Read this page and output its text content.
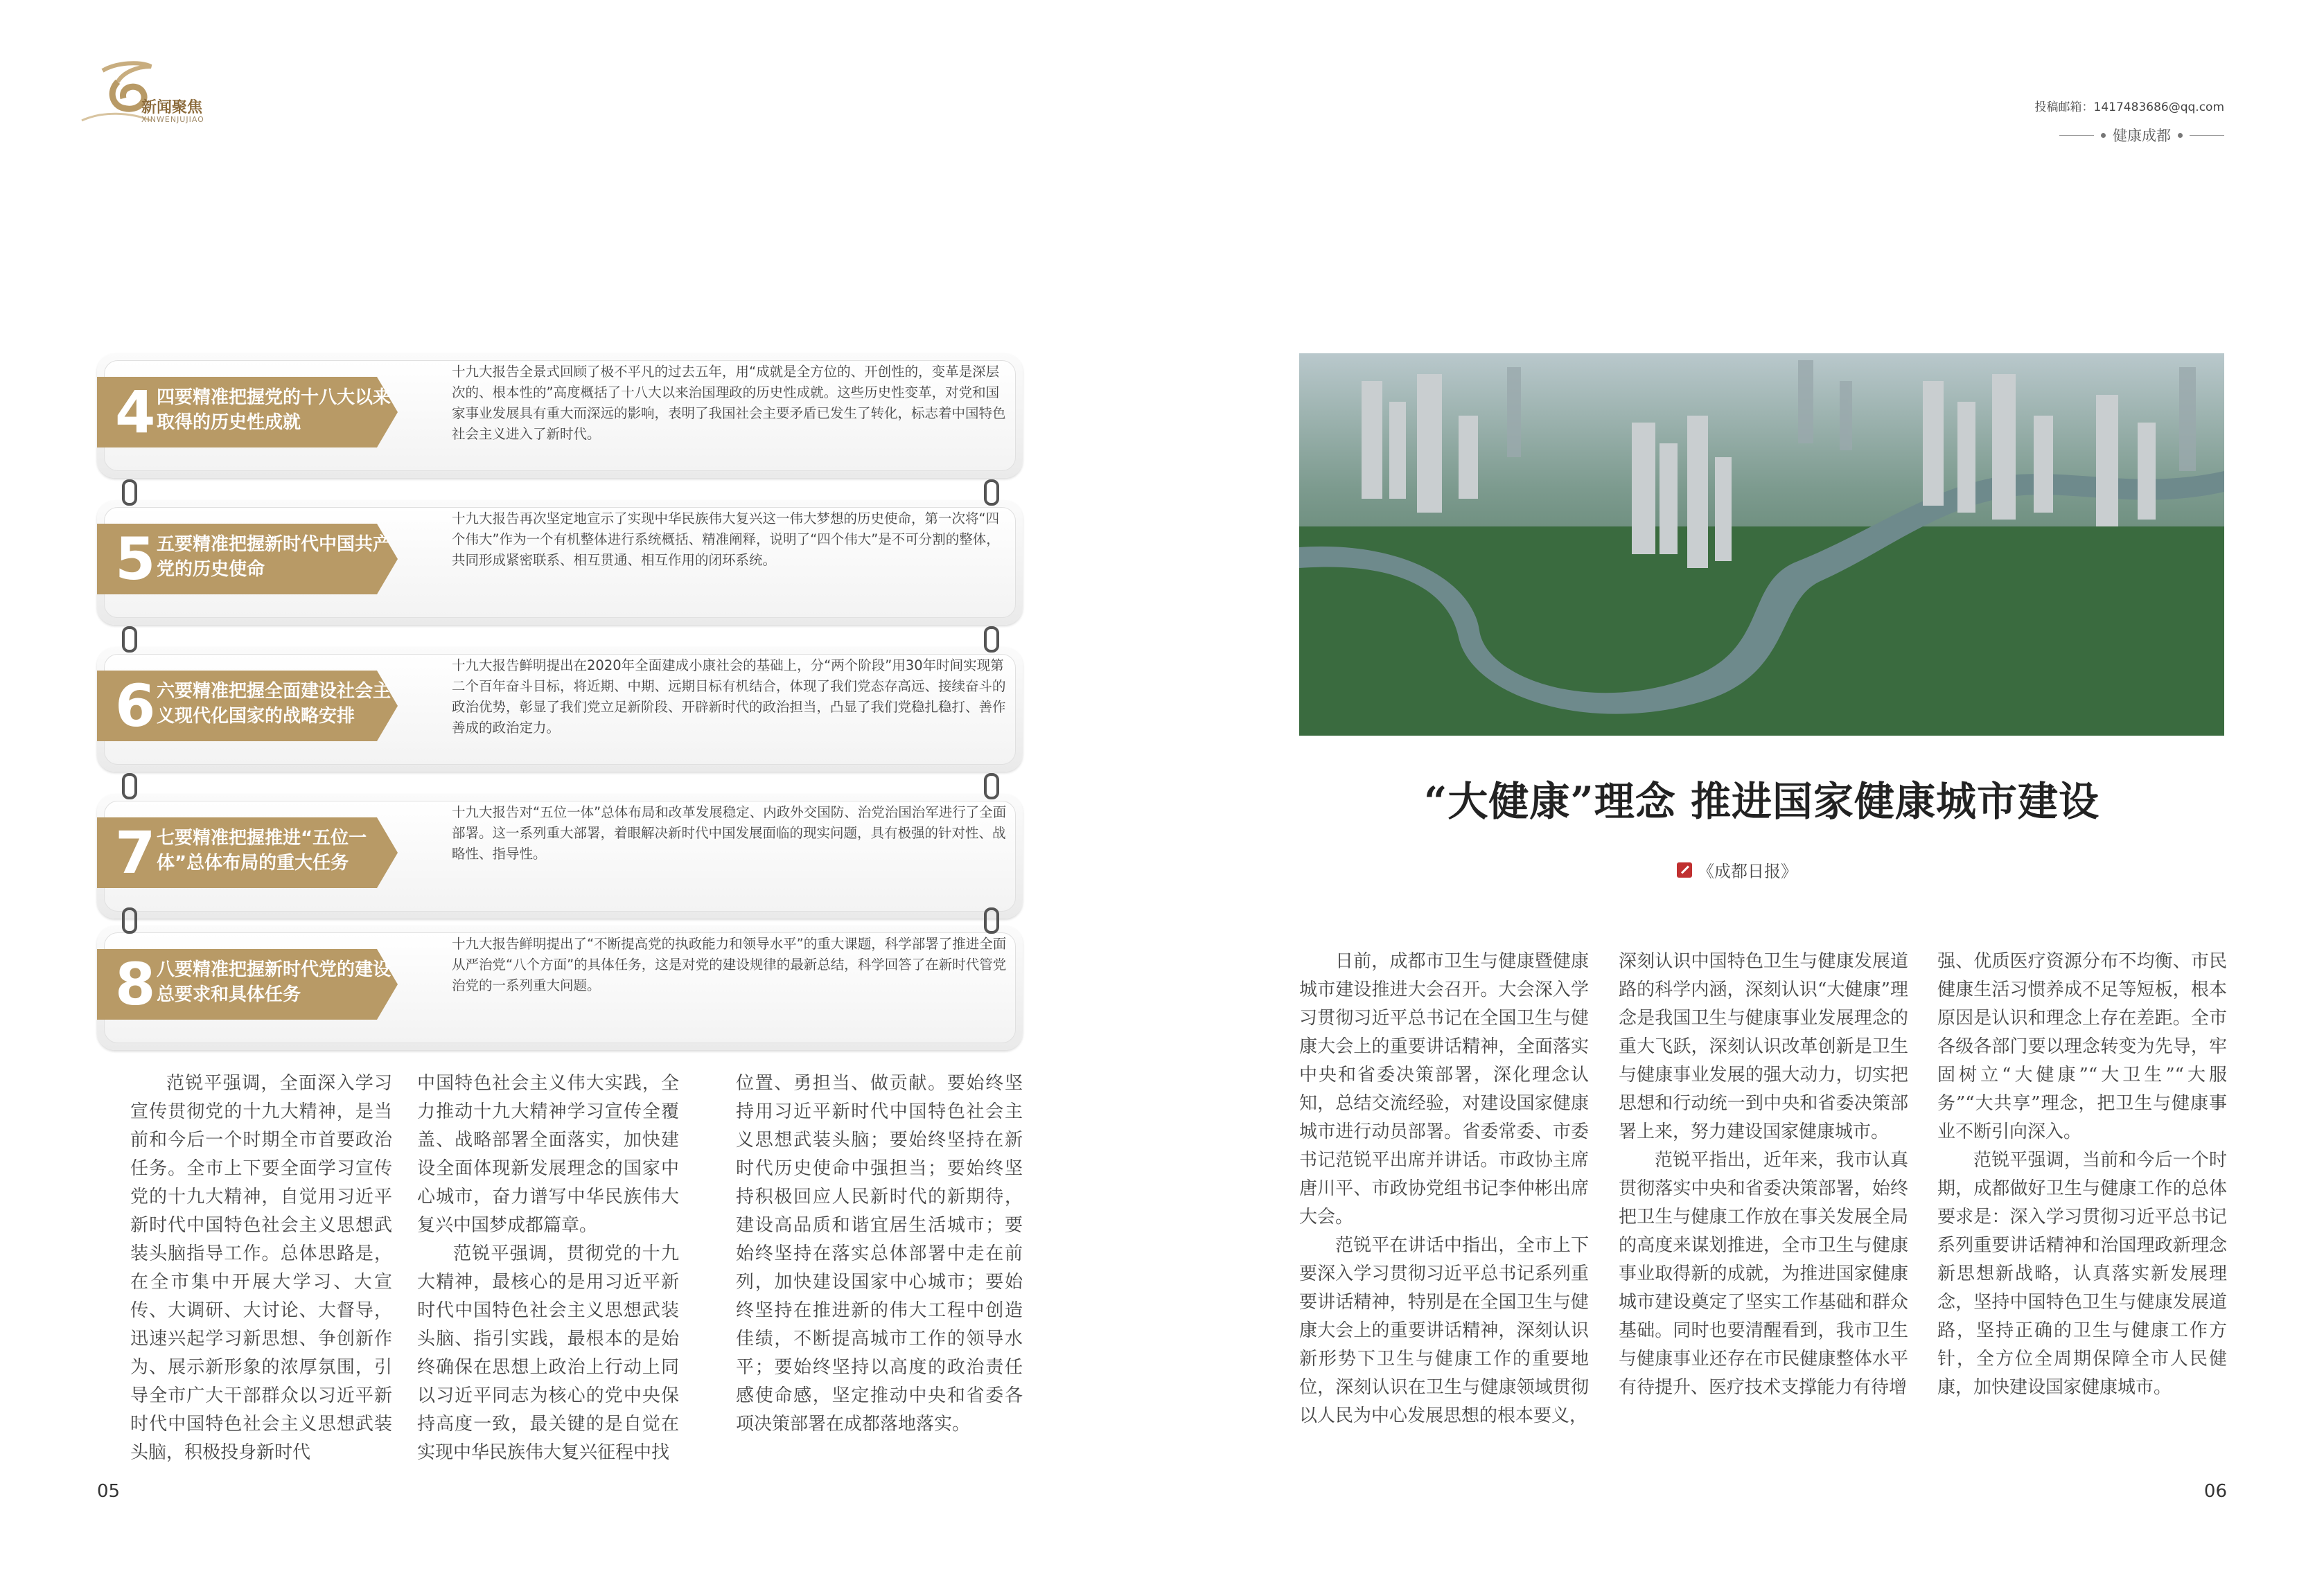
新闻聚焦
XINWENJUJIAO
投稿邮箱：1417483686@qq.com
健康成都
4 四要精准把握党的十八大以来取得的历史性成就
十九大报告全景式回顾了极不平凡的过去五年，用“成就是全方位的、开创性的，变革是深层次的、根本性的”高度概括了十八大以来治国理政的历史性成就。这些历史性变革，对党和国家事业发展具有重大而深远的影响，表明了我国社会主要矛盾已发生了转化，标志着中国特色社会主义进入了新时代。
5 五要精准把握新时代中国共产党的历史使命
十九大报告再次坚定地宣示了实现中华民族伟大复兴这一伟大梦想的历史使命，第一次将“四个伟大”作为一个有机整体进行系统概括、精准阐释，说明了“四个伟大”是不可分割的整体，共同形成紧密联系、相互贯通、相互作用的闭环系统。
6 六要精准把握全面建设社会主义现代化国家的战略安排
十九大报告鲜明提出在2020年全面建成小康社会的基础上，分“两个阶段”用30年时间实现第二个百年奋斗目标，将近期、中期、远期目标有机结合，体现了我们党态存高远、接续奋斗的政治优势，彰显了我们党立足新阶段、开辟新时代的政治担当，凸显了我们党稳扎稳打、善作善成的政治定力。
7 七要精准把握推进“五位一体”总体布局的重大任务
十九大报告对“五位一体”总体布局和改革发展稳定、内政外交国防、治党治国治军进行了全面部署。这一系列重大部署，着眼解决新时代中国发展面临的现实问题，具有极强的针对性、战略性、指导性。
8 八要精准把握新时代党的建设总要求和具体任务
十九大报告鲜明提出了“不断提高党的执政能力和领导水平”的重大课题，科学部署了推进全面从严治党“八个方面”的具体任务，这是对党的建设规律的最新总结，科学回答了在新时代管党治党的一系列重大问题。

范锐平强调，全面深入学习宣传贯彻党的十九大精神，是当前和今后一个时期全市首要政治任务。全市上下要全面学习宣传党的十九大精神，自觉用习近平新时代中国特色社会主义思想武装头脑指导工作。总体思路是，在全市集中开展大学习、大宣传、大调研、大讨论、大督导，迅速兴起学习新思想、争创新作为、展示新形象的浓厚氛围，引导全市广大干部群众以习近平新时代中国特色社会主义思想武装头脑，积极投身新时代

中国特色社会主义伟大实践，全力推动十九大精神学习宣传全覆盖、战略部署全面落实，加快建设全面体现新发展理念的国家中心城市，奋力谱写中华民族伟大复兴中国梦成都篇章。

范锐平强调，贯彻党的十九大精神，最核心的是用习近平新时代中国特色社会主义思想武装头脑、指引实践，最根本的是始终确保在思想上政治上行动上同以习近平同志为核心的党中央保持高度一致，最关键的是自觉在实现中华民族伟大复兴征程中找

位置、勇担当、做贡献。要始终坚持用习近平新时代中国特色社会主义思想武装头脑；要始终坚持在新时代历史使命中强担当；要始终坚持积极回应人民新时代的新期待，建设高品质和谐宜居生活城市；要始终坚持在落实总体部署中走在前列，加快建设国家中心城市；要始终坚持在推进新的伟大工程中创造佳绩，不断提高城市工作的领导水平；要始终坚持以高度的政治责任感使命感，坚定推动中央和省委各项决策部署在成都落地落实。

05
“大健康”理念 推进国家健康城市建设
《成都日报》

日前，成都市卫生与健康暨健康城市建设推进大会召开。大会深入学习贯彻习近平总书记在全国卫生与健康大会上的重要讲话精神，全面落实中央和省委决策部署，深化理念认知，总结交流经验，对建设国家健康城市进行动员部署。省委常委、市委书记范锐平出席并讲话。市政协主席唐川平、市政协党组书记李仲彬出席大会。

范锐平在讲话中指出，全市上下要深入学习贯彻习近平总书记系列重要讲话精神，特别是在全国卫生与健康大会上的重要讲话精神，深刻认识新形势下卫生与健康工作的重要地位，深刻认识在卫生与健康领域贯彻以人民为中心发展思想的根本要义，

深刻认识中国特色卫生与健康发展道路的科学内涵，深刻认识“大健康”理念是我国卫生与健康事业发展理念的重大飞跃，深刻认识改革创新是卫生与健康事业发展的强大动力，切实把思想和行动统一到中央和省委决策部署上来，努力建设国家健康城市。

范锐平指出，近年来，我市认真贯彻落实中央和省委决策部署，始终把卫生与健康工作放在事关发展全局的高度来谋划推进，全市卫生与健康事业取得新的成就，为推进国家健康城市建设奠定了坚实工作基础和群众基础。同时也要清醒看到，我市卫生与健康事业还存在市民健康整体水平有待提升、医疗技术支撑能力有待增

强、优质医疗资源分布不均衡、市民健康生活习惯养成不足等短板，根本原因是认识和理念上存在差距。全市各级各部门要以理念转变为先导，牢固树立“大健康”“大卫生”“大服务”“大共享”理念，把卫生与健康事业不断引向深入。

范锐平强调，当前和今后一个时期，成都做好卫生与健康工作的总体要求是：深入学习贯彻习近平总书记系列重要讲话精神和治国理政新理念新思想新战略，认真落实新发展理念，坚持中国特色卫生与健康发展道路，坚持正确的卫生与健康工作方针，全方位全周期保障全市人民健康，加快建设国家健康城市。

06
